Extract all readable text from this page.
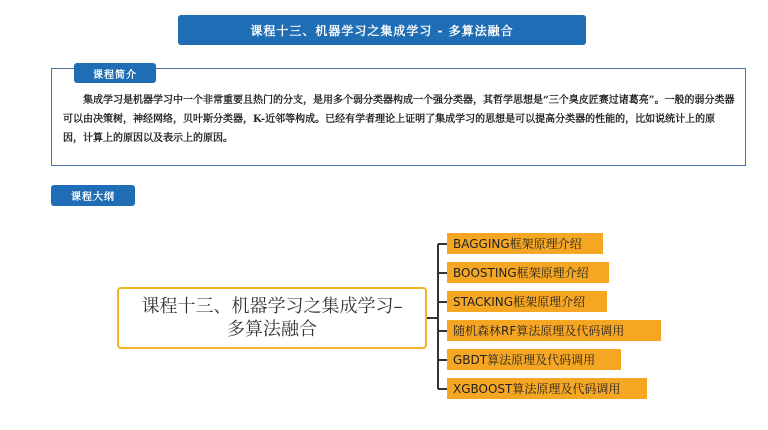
课程十三、机器学习之集成学习 - 多算法融合
课程简介

集成学习是机器学习中一个非常重要且热门的分支，是用多个弱分类器构成一个强分类器，其哲学思想是“三个臭皮匠赛过诸葛亮”。一般的弱分类器可以由决策树，神经网络，贝叶斯分类器，K-近邻等构成。已经有学者理论上证明了集成学习的思想是可以提高分类器的性能的，比如说统计上的原因，计算上的原因以及表示上的原因。

课程大纲
课程十三、机器学习之集成学习– 多算法融合
BAGGING框架原理介绍
BOOSTING框架原理介绍
STACKING框架原理介绍
随机森林RF算法原理及代码调用
GBDT算法原理及代码调用
XGBOOST算法原理及代码调用
